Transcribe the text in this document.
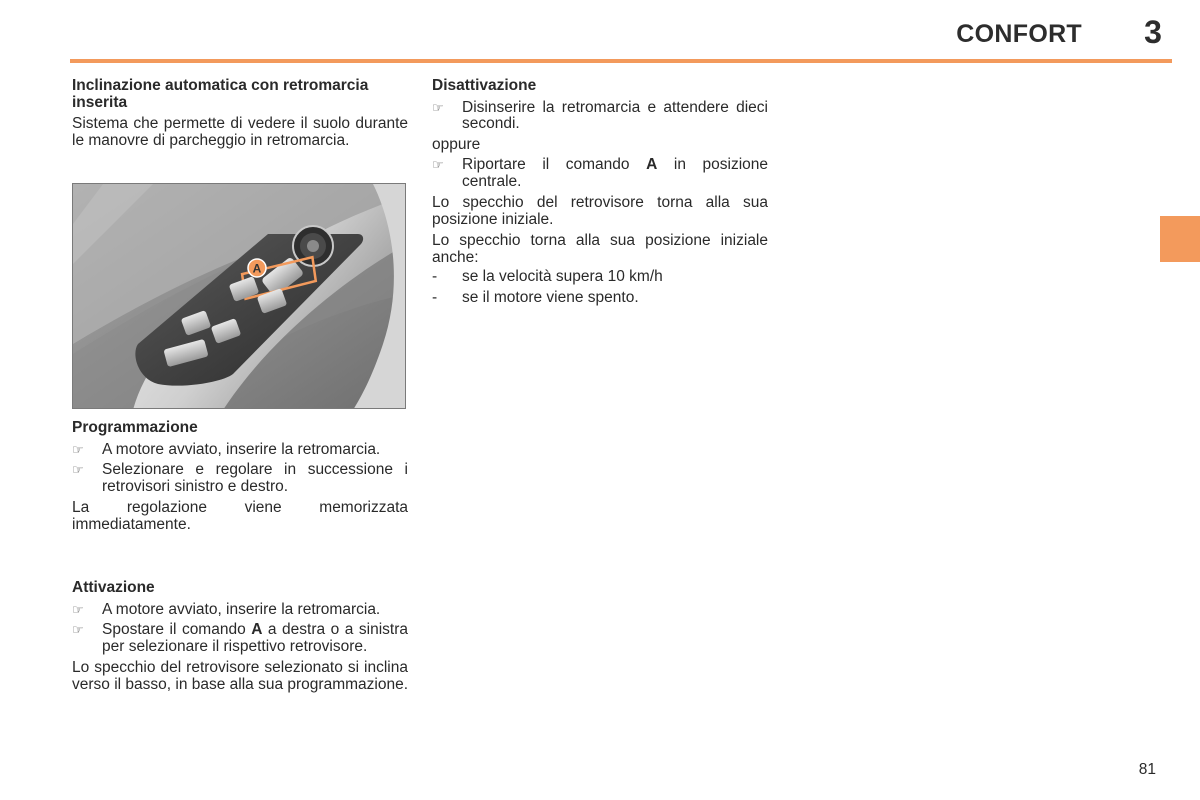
CONFORT 3
Inclinazione automatica con retromarcia inserita

Sistema che permette di vedere il suolo durante le manovre di parcheggio in retromarcia.

A
Programmazione
☞	A motore avviato, inserire la retromarcia.
☞	Selezionare e regolare in successione i retrovisori sinistro e destro.

La regolazione viene memorizzata immediatamente.

Attivazione
☞	A motore avviato, inserire la retromarcia.
☞	Spostare il comando A a destra o a sinistra per selezionare il rispettivo retrovisore.

Lo specchio del retrovisore selezionato si inclina verso il basso, in base alla sua programmazione.

Disattivazione
☞	Disinserire la retromarcia e attendere dieci secondi.

oppure

☞	Riportare il comando A in posizione centrale.

Lo specchio del retrovisore torna alla sua posizione iniziale.

Lo specchio torna alla sua posizione iniziale anche:

- se la velocità supera 10 km/h
- se il motore viene spento.
81
